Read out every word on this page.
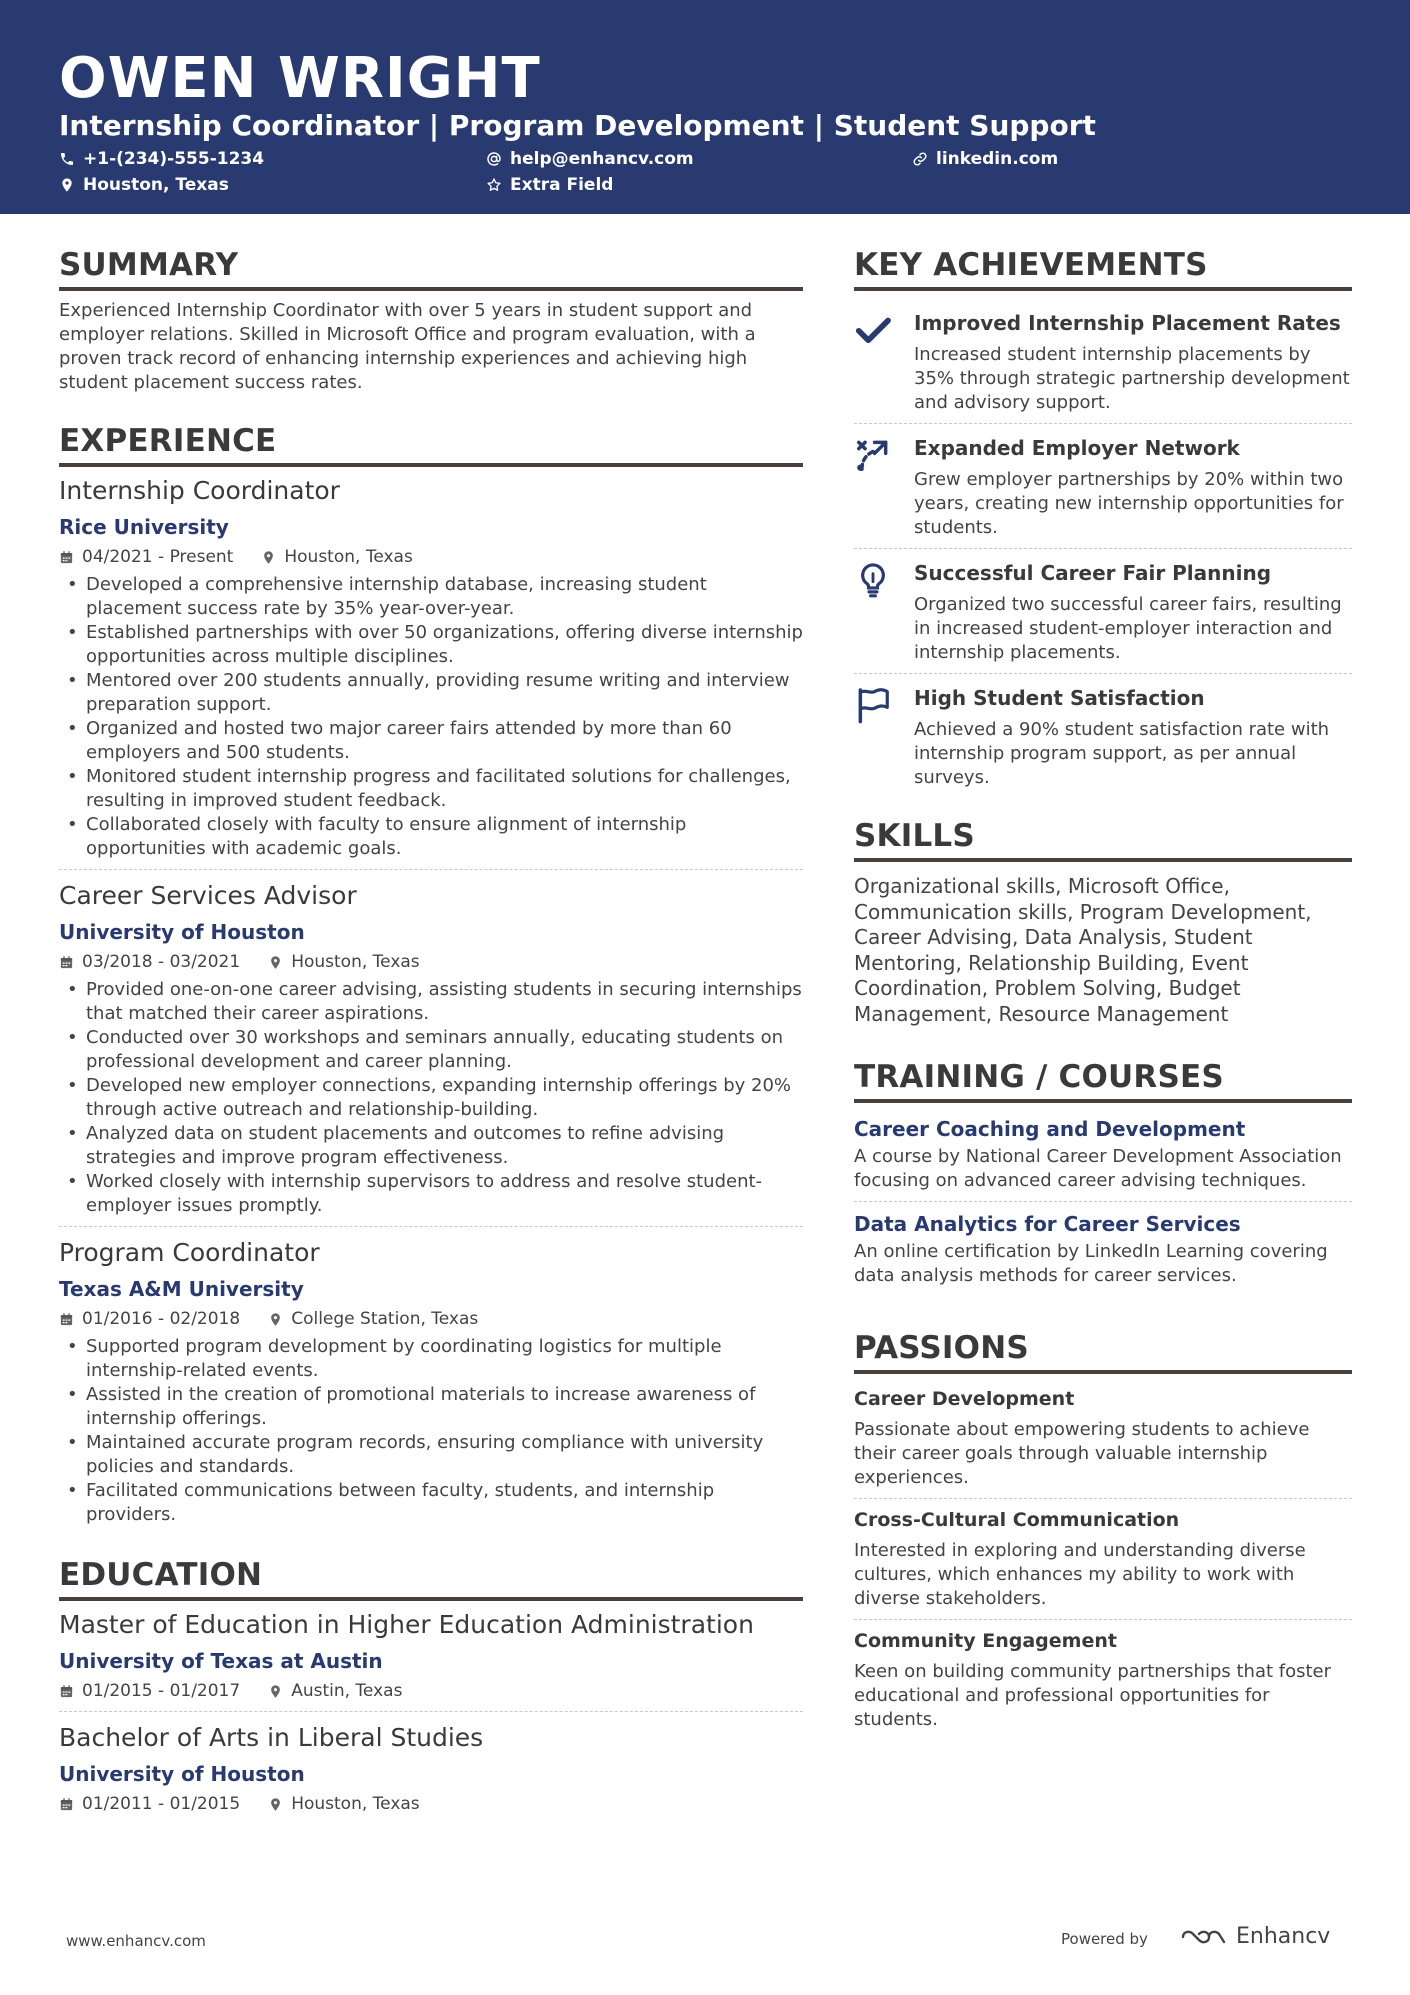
OWEN WRIGHT
Internship Coordinator | Program Development | Student Support
+1-(234)-555-1234	help@enhancv.com	linkedin.com
Houston, Texas	Extra Field
SUMMARY

Experienced Internship Coordinator with over 5 years in student support and employer relations. Skilled in Microsoft Office and program evaluation, with a proven track record of enhancing internship experiences and achieving high student placement success rates.

EXPERIENCE
Internship Coordinator
Rice University
04/2021 - Present	Houston, Texas
• Developed a comprehensive internship database, increasing student placement success rate by 35% year-over-year.
• Established partnerships with over 50 organizations, offering diverse internship opportunities across multiple disciplines.
• Mentored over 200 students annually, providing resume writing and interview preparation support.
• Organized and hosted two major career fairs attended by more than 60 employers and 500 students.
• Monitored student internship progress and facilitated solutions for challenges, resulting in improved student feedback.
• Collaborated closely with faculty to ensure alignment of internship opportunities with academic goals.
Career Services Advisor
University of Houston
03/2018 - 03/2021	Houston, Texas
• Provided one-on-one career advising, assisting students in securing internships that matched their career aspirations.
• Conducted over 30 workshops and seminars annually, educating students on professional development and career planning.
• Developed new employer connections, expanding internship offerings by 20% through active outreach and relationship-building.
• Analyzed data on student placements and outcomes to refine advising strategies and improve program effectiveness.
• Worked closely with internship supervisors to address and resolve student-employer issues promptly.
Program Coordinator
Texas A&M University
01/2016 - 02/2018	College Station, Texas
• Supported program development by coordinating logistics for multiple internship-related events.
• Assisted in the creation of promotional materials to increase awareness of internship offerings.
• Maintained accurate program records, ensuring compliance with university policies and standards.
• Facilitated communications between faculty, students, and internship providers.
EDUCATION
Master of Education in Higher Education Administration
University of Texas at Austin
01/2015 - 01/2017	Austin, Texas
Bachelor of Arts in Liberal Studies
University of Houston
01/2011 - 01/2015	Houston, Texas
KEY ACHIEVEMENTS
Improved Internship Placement Rates
Increased student internship placements by 35% through strategic partnership development and advisory support.
Expanded Employer Network
Grew employer partnerships by 20% within two years, creating new internship opportunities for students.
Successful Career Fair Planning
Organized two successful career fairs, resulting in increased student-employer interaction and internship placements.
High Student Satisfaction
Achieved a 90% student satisfaction rate with internship program support, as per annual surveys.
SKILLS

Organizational skills, Microsoft Office, Communication skills, Program Development, Career Advising, Data Analysis, Student Mentoring, Relationship Building, Event Coordination, Problem Solving, Budget Management, Resource Management

TRAINING / COURSES
Career Coaching and Development
A course by National Career Development Association focusing on advanced career advising techniques.
Data Analytics for Career Services
An online certification by LinkedIn Learning covering data analysis methods for career services.
PASSIONS
Career Development
Passionate about empowering students to achieve their career goals through valuable internship experiences.
Cross-Cultural Communication
Interested in exploring and understanding diverse cultures, which enhances my ability to work with diverse stakeholders.
Community Engagement
Keen on building community partnerships that foster educational and professional opportunities for students.
www.enhancv.com	Powered by	Enhancv
